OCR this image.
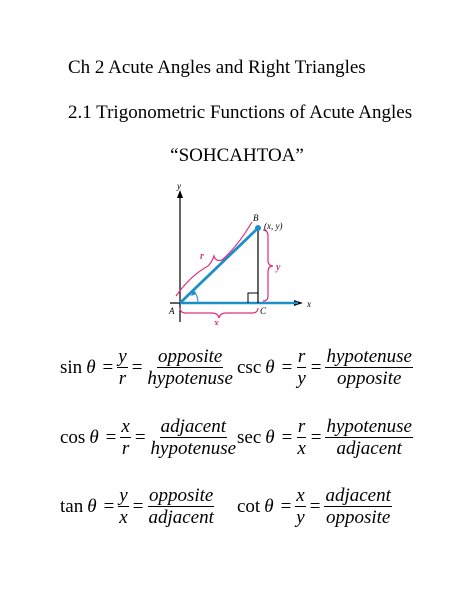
Ch 2 Acute Angles and Right Triangles
2.1 Trigonometric Functions of Acute Angles
“SOHCAHTOA”
y
x
r
y
x
A
B
C
(x, y)
$\sin \theta = \frac{y}{r} = \frac{\text{opposite}}{\text{hypotenuse}}$ $\csc \theta = \frac{r}{y} = \frac{\text{hypotenuse}}{\text{opposite}}$
$\cos \theta = \frac{x}{r} = \frac{\text{adjacent}}{\text{hypotenuse}}$ $\sec \theta = \frac{r}{x} = \frac{\text{hypotenuse}}{\text{adjacent}}$
$\tan \theta = \frac{y}{x} = \frac{\text{opposite}}{\text{adjacent}}$ $\cot \theta = \frac{x}{y} = \frac{\text{adjacent}}{\text{opposite}}$
